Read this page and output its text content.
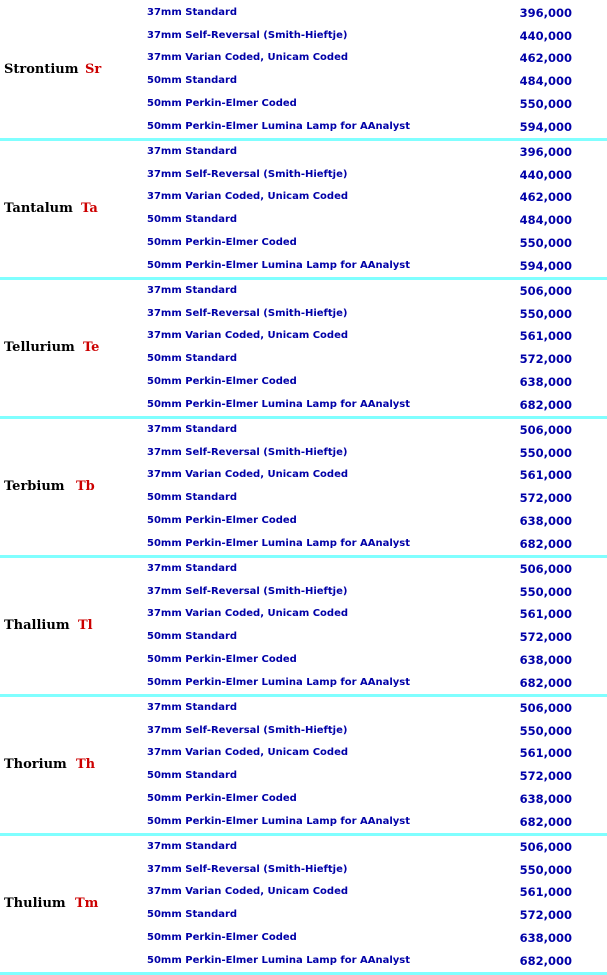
Strontium Sr
37mm Standard	396,000
37mm Self-Reversal (Smith-Hieftje)	440,000
37mm Varian Coded, Unicam Coded	462,000
50mm Standard	484,000
50mm Perkin-Elmer Coded	550,000
50mm Perkin-Elmer Lumina Lamp for AAnalyst	594,000
Tantalum Ta
37mm Standard	396,000
37mm Self-Reversal (Smith-Hieftje)	440,000
37mm Varian Coded, Unicam Coded	462,000
50mm Standard	484,000
50mm Perkin-Elmer Coded	550,000
50mm Perkin-Elmer Lumina Lamp for AAnalyst	594,000
Tellurium Te
37mm Standard	506,000
37mm Self-Reversal (Smith-Hieftje)	550,000
37mm Varian Coded, Unicam Coded	561,000
50mm Standard	572,000
50mm Perkin-Elmer Coded	638,000
50mm Perkin-Elmer Lumina Lamp for AAnalyst	682,000
Terbium Tb
37mm Standard	506,000
37mm Self-Reversal (Smith-Hieftje)	550,000
37mm Varian Coded, Unicam Coded	561,000
50mm Standard	572,000
50mm Perkin-Elmer Coded	638,000
50mm Perkin-Elmer Lumina Lamp for AAnalyst	682,000
Thallium Tl
37mm Standard	506,000
37mm Self-Reversal (Smith-Hieftje)	550,000
37mm Varian Coded, Unicam Coded	561,000
50mm Standard	572,000
50mm Perkin-Elmer Coded	638,000
50mm Perkin-Elmer Lumina Lamp for AAnalyst	682,000
Thorium Th
37mm Standard	506,000
37mm Self-Reversal (Smith-Hieftje)	550,000
37mm Varian Coded, Unicam Coded	561,000
50mm Standard	572,000
50mm Perkin-Elmer Coded	638,000
50mm Perkin-Elmer Lumina Lamp for AAnalyst	682,000
Thulium Tm
37mm Standard	506,000
37mm Self-Reversal (Smith-Hieftje)	550,000
37mm Varian Coded, Unicam Coded	561,000
50mm Standard	572,000
50mm Perkin-Elmer Coded	638,000
50mm Perkin-Elmer Lumina Lamp for AAnalyst	682,000
